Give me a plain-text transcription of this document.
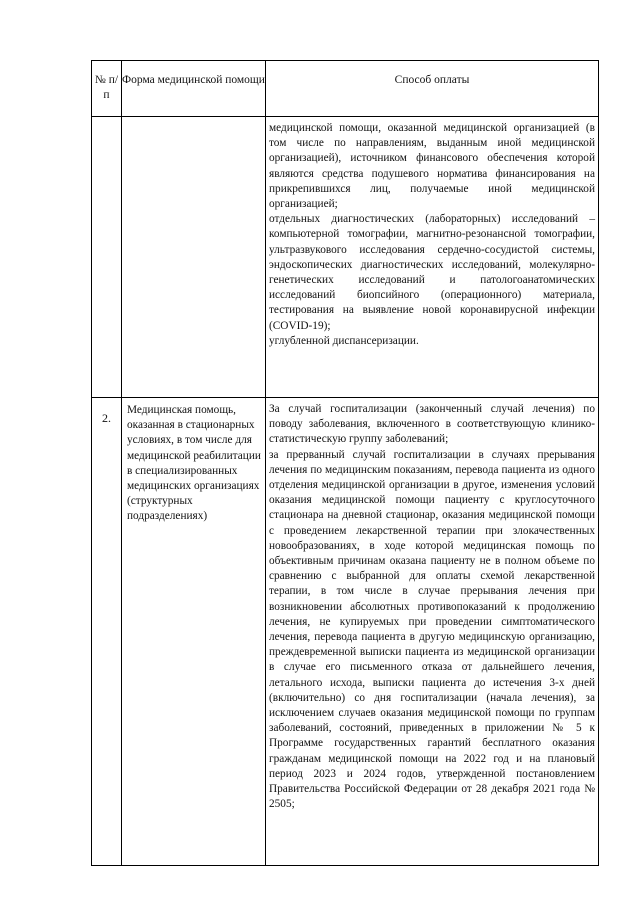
№ п/п	Форма медицинской помощи	Способ оплаты

		медицинской помощи, оказанной медицинской организацией (в том числе по направлениям, выданным иной медицинской организацией), источником финансового обеспечения которой являются средства подушевого норматива финансирования на прикрепившихся лиц, получаемые иной медицинской организацией;

отдельных диагностических (лабораторных) исследований – компьютерной томографии, магнитно-резонансной томографии, ультразвукового исследования сердечно-сосудистой системы, эндоскопических диагностических исследований, молекулярно-генетических исследований и патологоанатомических исследований биопсийного (операционного) материала, тестирования на выявление новой коронавирусной инфекции (COVID-19);

углубленной диспансеризации.

2.	Медицинская помощь, оказанная в стационарных условиях, в том числе для медицинской реабилитации в специализированных медицинских организациях (структурных подразделениях)	За случай госпитализации (законченный случай лечения) по поводу заболевания, включенного в соответствующую клинико-статистическую группу заболеваний;

за прерванный случай госпитализации в случаях прерывания лечения по медицинским показаниям, перевода пациента из одного отделения медицинской организации в другое, изменения условий оказания медицинской помощи пациенту с круглосуточного стационара на дневной стационар, оказания медицинской помощи с проведением лекарственной терапии при злокачественных новообразованиях, в ходе которой медицинская помощь по объективным причинам оказана пациенту не в полном объеме по сравнению с выбранной для оплаты схемой лекарственной терапии, в том числе в случае прерывания лечения при возникновении абсолютных противопоказаний к продолжению лечения, не купируемых при проведении симптоматического лечения, перевода пациента в другую медицинскую организацию, преждевременной выписки пациента из медицинской организации в случае его письменного отказа от дальнейшего лечения, летального исхода, выписки пациента до истечения 3-х дней (включительно) со дня госпитализации (начала лечения), за исключением случаев оказания медицинской помощи по группам заболеваний, состояний, приведенных в приложении № 5 к Программе государственных гарантий бесплатного оказания гражданам медицинской помощи на 2022 год и на плановый период 2023 и 2024 годов, утвержденной постановлением Правительства Российской Федерации от 28 декабря 2021 года № 2505;
